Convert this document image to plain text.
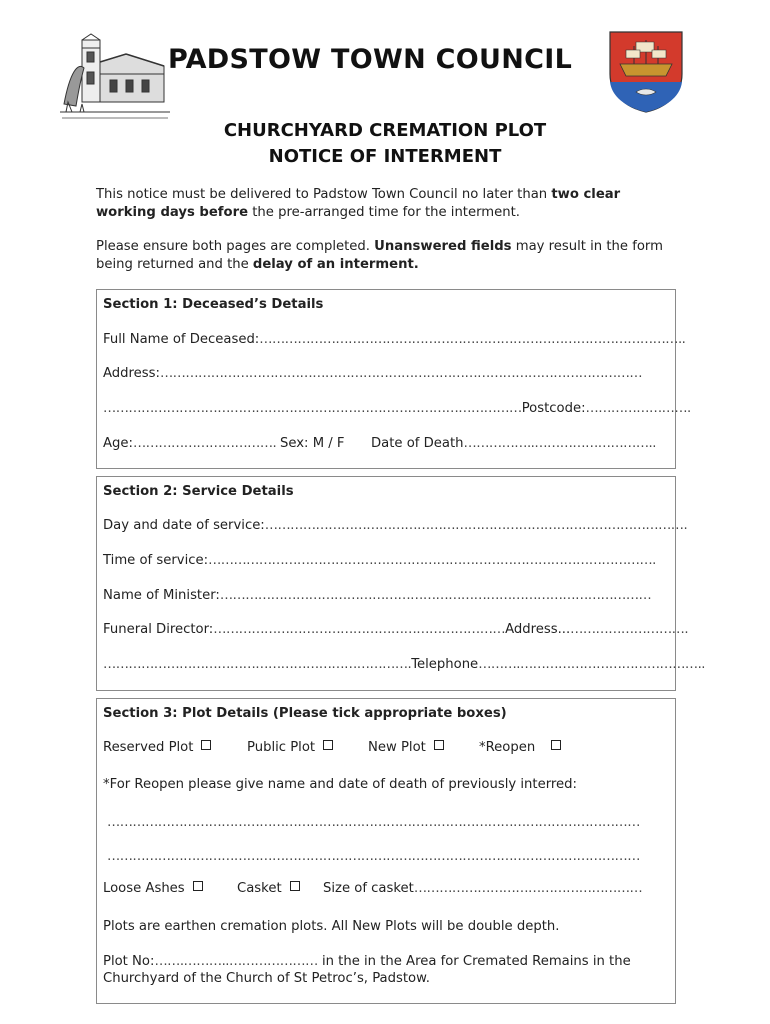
PADSTOW TOWN COUNCIL
CHURCHYARD CREMATION PLOT
NOTICE OF INTERMENT
This notice must be delivered to Padstow Town Council no later than two clear working days before the pre-arranged time for the interment.
Please ensure both pages are completed. Unanswered fields may result in the form being returned and the delay of an interment.
Section 1: Deceased’s Details
Full Name of Deceased:………………………………………………………………………………………..
Address:……………………………………………………………………………………………………
………………………………………………………………………………………Postcode:…………………….
Age:……………………………. Sex: M / F Date of Death……………..………………………..
Section 2: Service Details
Day and date of service:……………………………………………………………………………………….
Time of service:…………………………………………………………………………………………….
Name of Minister:…………………………………………………………………………………………
Funeral Director:……………………………………………………………Address...……………………….
……………………………………………………………….Telephone……….……………………………………..
Section 3: Plot Details (Please tick appropriate boxes)
Reserved Plot	Public Plot	New Plot	*Reopen
*For Reopen please give name and date of death of previously interred:
………………………………………………………………………………………………………………
………………………………………………………………………………………………………………
Loose Ashes	Casket	Size of casket………………………………………………
Plots are earthen cremation plots. All New Plots will be double depth.
Plot No:…….………..………………… in the in the Area for Cremated Remains in the
Churchyard of the Church of St Petroc’s, Padstow.
